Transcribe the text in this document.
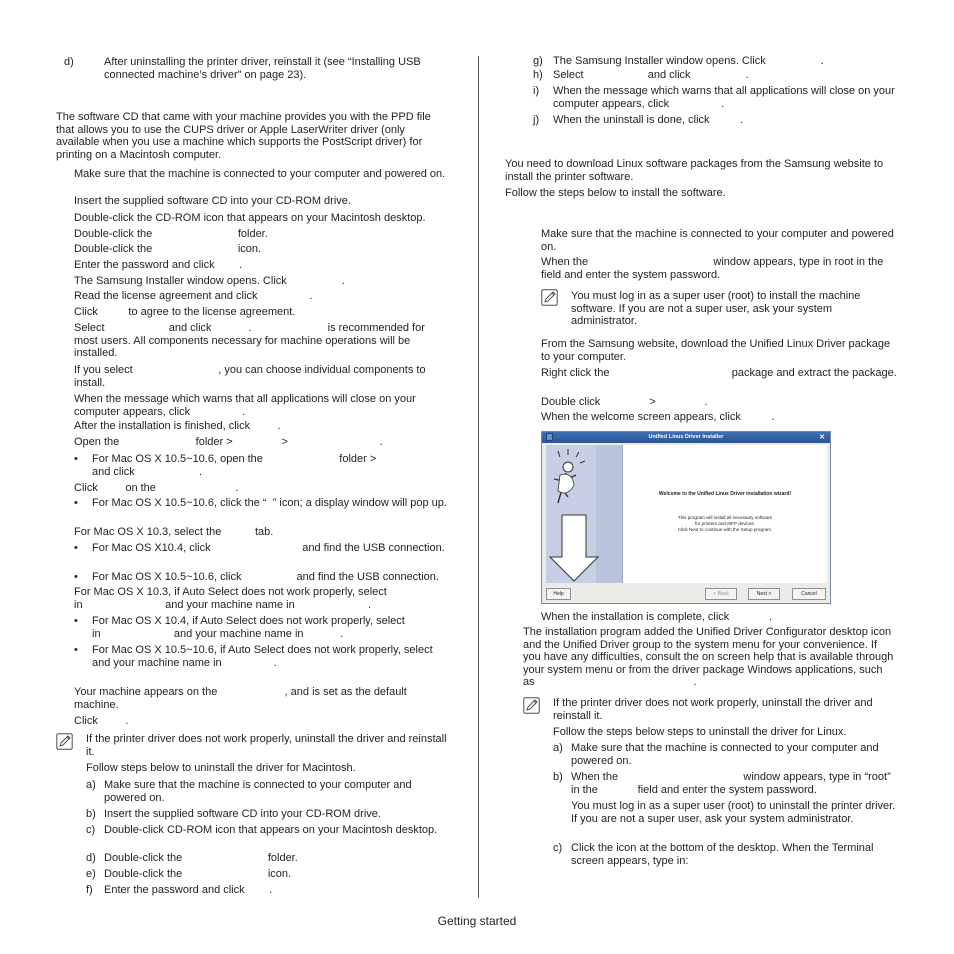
d)	After uninstalling the printer driver, reinstall it (see “Installing USB connected machine’s driver” on page 23).
The software CD that came with your machine provides you with the PPD file that allows you to use the CUPS driver or Apple LaserWriter driver (only available when you use a machine which supports the PostScript driver) for printing on a Macintosh computer.
Make sure that the machine is connected to your computer and powered on.
Insert the supplied software CD into your CD-ROM drive.
Double-click the CD-ROM icon that appears on your Macintosh desktop.
Double-click the                            folder.
Double-click the                            icon.
Enter the password and click        .
The Samsung Installer window opens. Click                  .
Read the license agreement and click                 .
Click          to agree to the license agreement.
Select                     and click            .                         is recommended for most users. All components necessary for machine operations will be installed.
If you select                            , you can choose individual components to install.
When the message which warns that all applications will close on your computer appears, click                 .
After the installation is finished, click         .
Open the                         folder >                >                              .
• For Mac OS X 10.5~10.6, open the                         folder >                  and click                     .
Click         on the                          .
• For Mac OS X 10.5~10.6, click the “  ” icon; a display window will pop up.
For Mac OS X 10.3, select the           tab.
• For Mac OS X10.4, click                              and find the USB connection.
• For Mac OS X 10.5~10.6, click                  and find the USB connection.
For Mac OS X 10.3, if Auto Select does not work properly, select                   in                           and your machine name in                        .
• For Mac OS X 10.4, if Auto Select does not work properly, select                  in                        and your machine name in            .
• For Mac OS X 10.5~10.6, if Auto Select does not work properly, select                                          and your machine name in                 .
Your machine appears on the                      , and is set as the default machine.
Click         .
If the printer driver does not work properly, uninstall the driver and reinstall it.
Follow steps below to uninstall the driver for Macintosh.
a) Make sure that the machine is connected to your computer and powered on.
b) Insert the supplied software CD into your CD-ROM drive.
c) Double-click CD-ROM icon that appears on your Macintosh desktop.
d) Double-click the                            folder.
e) Double-click the                            icon.
f) Enter the password and click        .
g) The Samsung Installer window opens. Click                  .
h) Select                     and click                  .
i) When the message which warns that all applications will close on your computer appears, click                 .
j) When the uninstall is done, click          .
You need to download Linux software packages from the Samsung website to install the printer software.
Follow the steps below to install the software.
Make sure that the machine is connected to your computer and powered on.
When the                                         window appears, type in root in the          field and enter the system password.
You must log in as a super user (root) to install the machine software. If you are not a super user, ask your system administrator.
From the Samsung website, download the Unified Linux Driver package to your computer.
Right click the                                        package and extract the package.
Double click                >                .
When the welcome screen appears, click          .
Unified Linux Driver Installer	✕
Welcome to the Unified Linux Driver installation wizard!
This program will install all necessary software
for printers and MFP devices.
Click Next to continue with the Setup program.
Help	< Back	Next >	Cancel
When the installation is complete, click             .
The installation program added the Unified Driver Configurator desktop icon and the Unified Driver group to the system menu for your convenience. If you have any difficulties, consult the on screen help that is available through your system menu or from the driver package Windows applications, such as                                                    .
If the printer driver does not work properly, uninstall the driver and reinstall it.
Follow the steps below steps to uninstall the driver for Linux.
a) Make sure that the machine is connected to your computer and powered on.
b) When the                                         window appears, type in “root” in the             field and enter the system password.
You must log in as a super user (root) to uninstall the printer driver. If you are not a super user, ask your system administrator.
c) Click the icon at the bottom of the desktop. When the Terminal screen appears, type in:
Getting started
